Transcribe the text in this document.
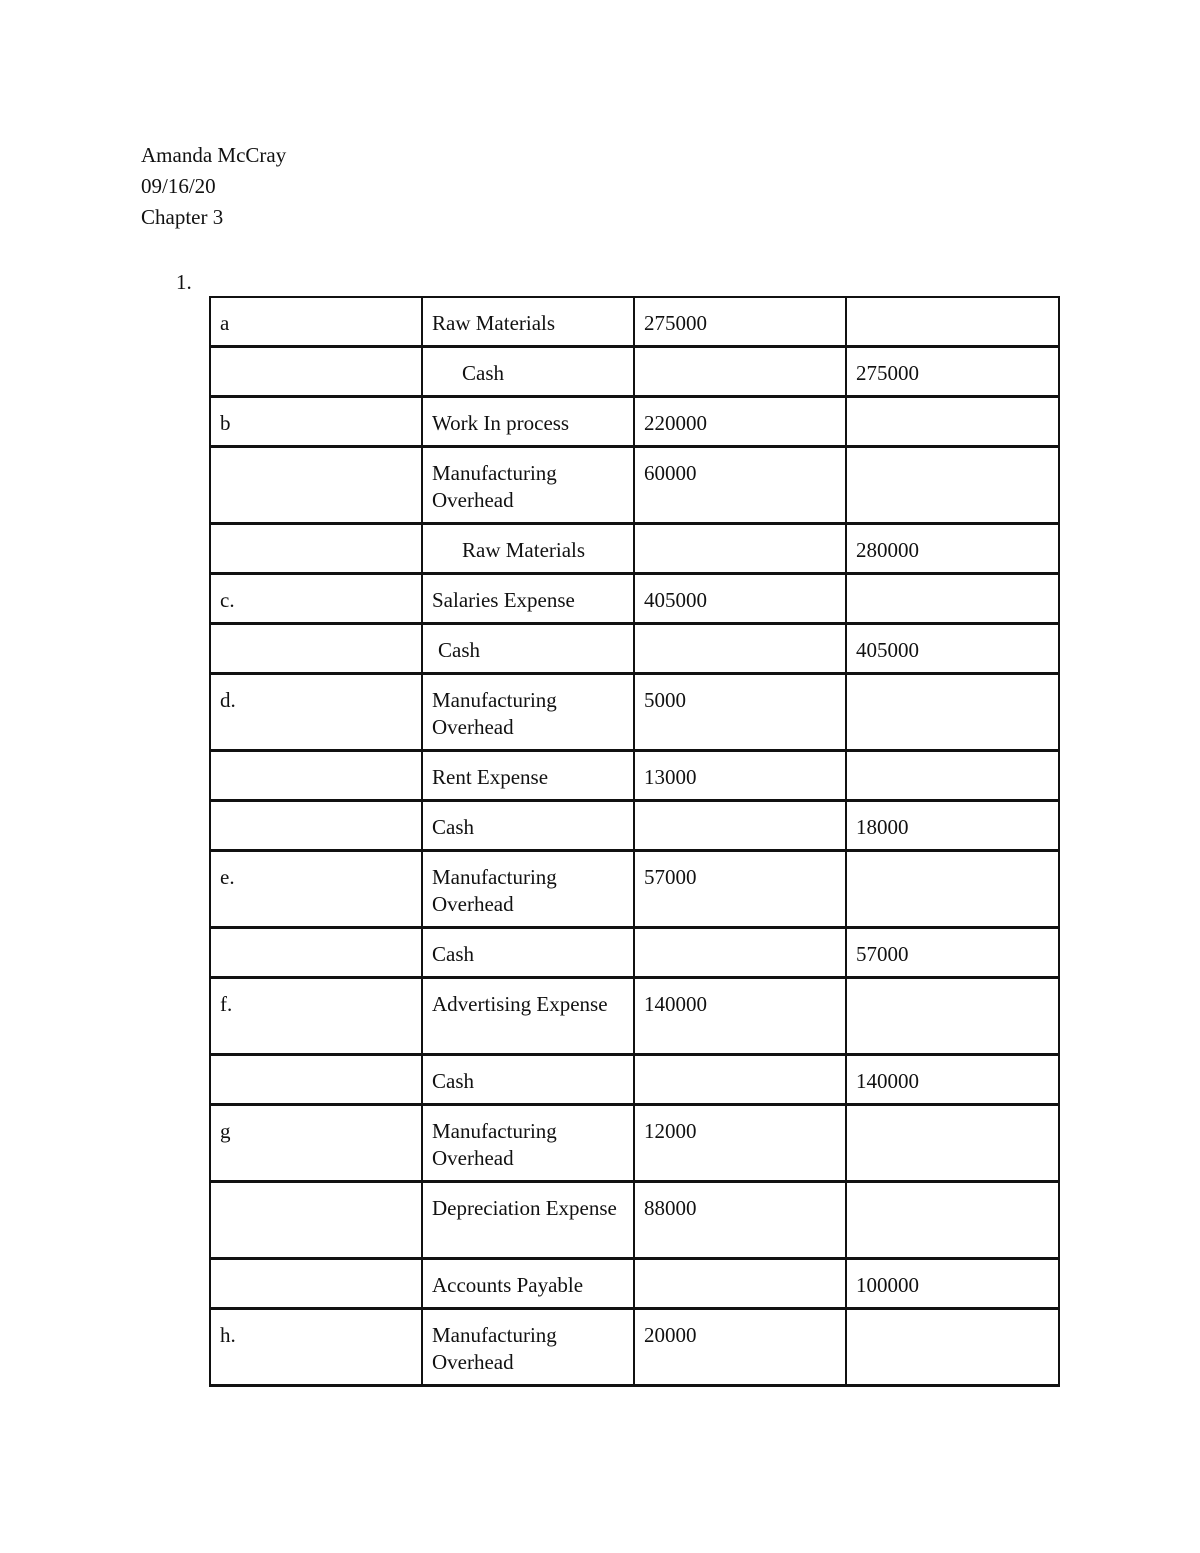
Amanda McCray
09/16/20
Chapter 3
1.
a	Raw Materials	275000	
	Cash		275000
b	Work In process	220000	
	Manufacturing Overhead	60000	
	Raw Materials		280000
c.	Salaries Expense	405000	
	Cash		405000
d.	Manufacturing Overhead	5000	
	Rent Expense	13000	
	Cash		18000
e.	Manufacturing Overhead	57000	
	Cash		57000
f.	Advertising Expense	140000	
	Cash		140000
g	Manufacturing Overhead	12000	
	Depreciation Expense	88000	
	Accounts Payable		100000
h.	Manufacturing Overhead	20000	
